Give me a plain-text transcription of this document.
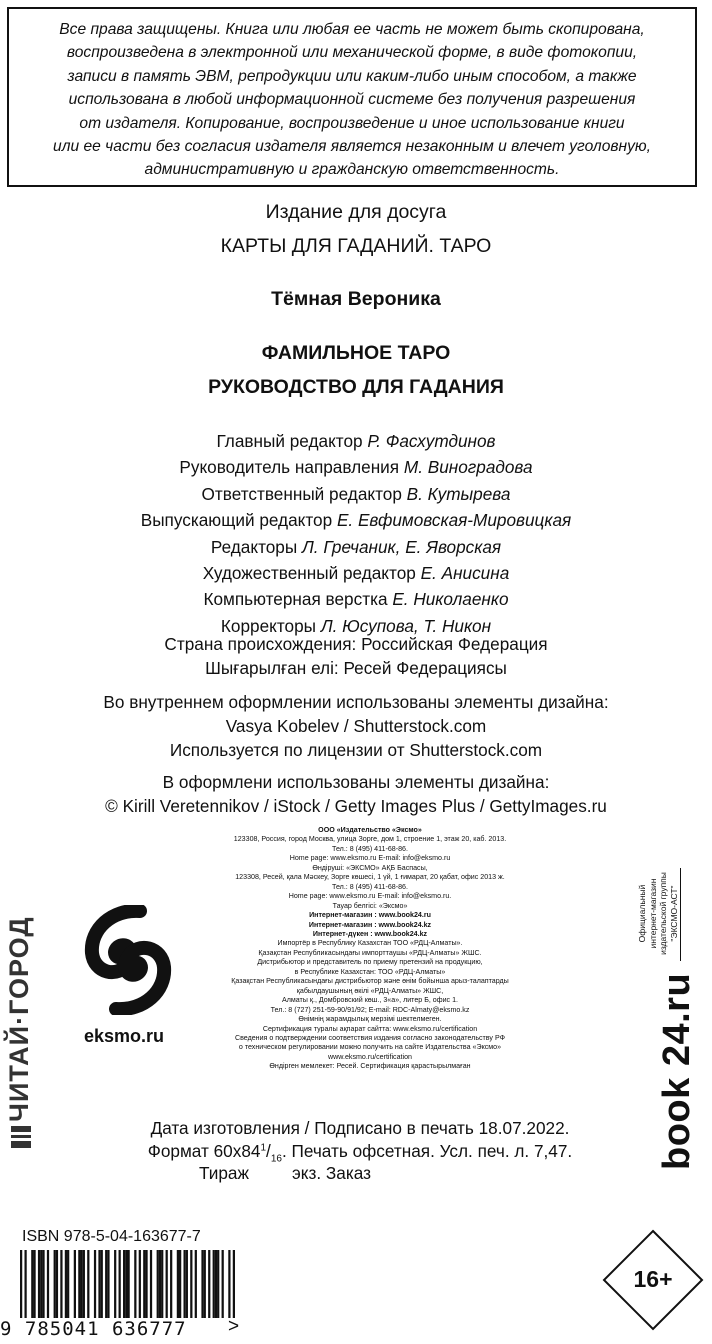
Все права защищены. Книга или любая ее часть не может быть скопирована,

воспроизведена в электронной или механической форме, в виде фотокопии,

записи в память ЭВМ, репродукции или каким-либо иным способом, а также

использована в любой информационной системе без получения разрешения

от издателя. Копирование, воспроизведение и иное использование книги

или ее части без согласия издателя является незаконным и влечет уголовную,

административную и гражданскую ответственность.

Издание для досуга
КАРТЫ ДЛЯ ГАДАНИЙ. ТАРО
Тёмная Вероника
ФАМИЛЬНОЕ ТАРО
РУКОВОДСТВО ДЛЯ ГАДАНИЯ
Главный редактор Р. Фасхутдинов
Руководитель направления М. Виноградова
Ответственный редактор В. Кутырева
Выпускающий редактор Е. Евфимовская-Мировицкая
Редакторы Л. Гречаник, Е. Яворская
Художественный редактор Е. Анисина
Компьютерная верстка Е. Николаенко
Корректоры Л. Юсупова, Т. Никон
Страна происхождения: Российская Федерация
Шығарылған елі: Ресей Федерациясы
Во внутреннем оформлении использованы элементы дизайна:
Vasya Kobelev / Shutterstock.com
Используется по лицензии от Shutterstock.com
В оформлени использованы элементы дизайна:
© Kirill Veretennikov / iStock / Getty Images Plus / GettyImages.ru
ООО «Издательство «Эксмо»
123308, Россия, город Москва, улица Зорге, дом 1, строение 1, этаж 20, каб. 2013.
Тел.: 8 (495) 411-68-86.
Home page: www.eksmo.ru E-mail: info@eksmo.ru
Өндіруші: «ЭКСМО» АҚБ Баспасы,
123308, Ресей, қала Мәскеу, Зорге көшесі, 1 үй, 1 ғимарат, 20 қабат, офис 2013 ж.
Тел.: 8 (495) 411-68-86.
Home page: www.eksmo.ru E-mail: info@eksmo.ru.
Тауар белгісі: «Эксмо»
Интернет-магазин : www.book24.ru
Интернет-магазин : www.book24.kz
Интернет-дүкен : www.book24.kz
Импортёр в Республику Казахстан ТОО «РДЦ-Алматы».
Қазақстан Республикасындағы импорттаушы «РДЦ-Алматы» ЖШС.
Дистрибьютор и представитель по приему претензий на продукцию,
в Республике Казахстан: ТОО «РДЦ-Алматы»
Қазақстан Республикасындағы дистрибьютор және өнім бойынша арыз-талаптарды
қабылдаушының өкілі «РДЦ-Алматы» ЖШС,
Алматы қ., Домбровский көш., 3«а», литер Б, офис 1.
Тел.: 8 (727) 251-59-90/91/92; E-mail: RDC-Almaty@eksmo.kz
Өнімнің жарамдылық мерзімі шектелмеген.
Сертификация туралы ақпарат сайтта: www.eksmo.ru/certification
Сведения о подтверждении соответствия издания согласно законодательству РФ
о техническом регулировании можно получить на сайте Издательства «Эксмо»
www.eksmo.ru/certification
Өндірген мемлекет: Ресей. Сертификация қарастырылмаған
eksmo.ru
ЧИТАЙ·ГОРОД
Официальный интернет-магазин издательской группы "ЭКСМО-АСТ"
book 24.ru
Дата изготовления / Подписано в печать 18.07.2022.
Формат $60х84^1/_{16}$. Печать офсетная. Усл. печ. л. 7,47.
Тираж экз. Заказ
ISBN 978-5-04-163677-7
9 785041 636777 >
16+
